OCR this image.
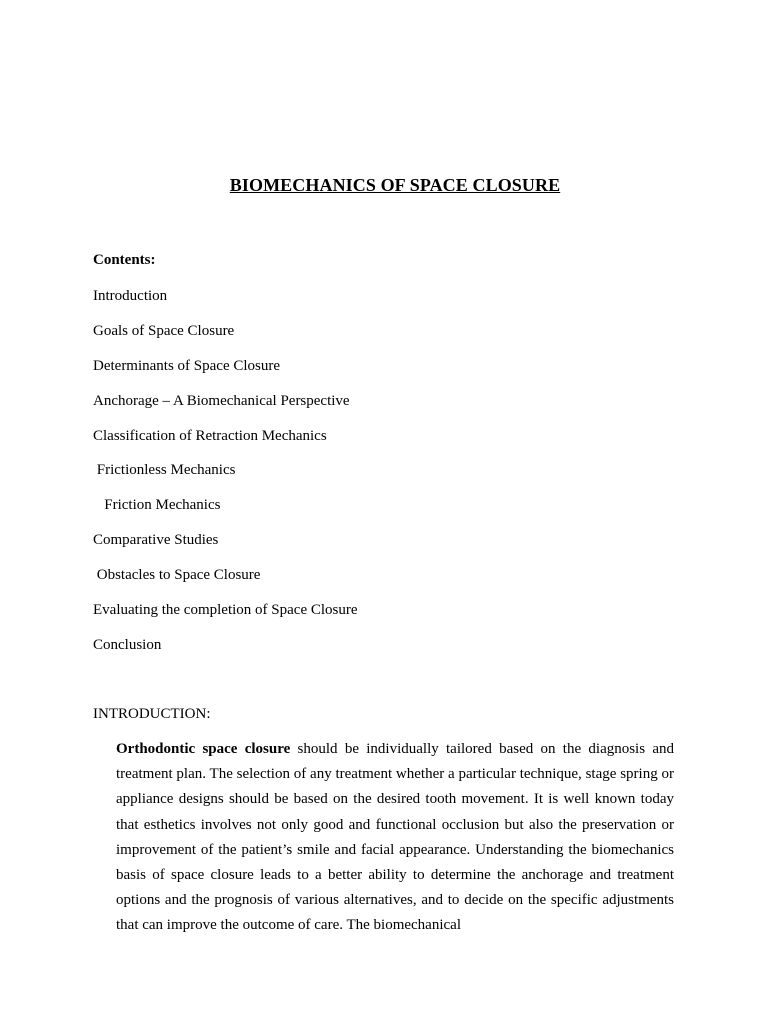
BIOMECHANICS OF SPACE CLOSURE

Contents:

Introduction
Goals of Space Closure
Determinants of Space Closure
Anchorage – A Biomechanical Perspective
Classification of Retraction Mechanics
Frictionless Mechanics
Friction Mechanics
Comparative Studies
Obstacles to Space Closure
Evaluating the completion of Space Closure
Conclusion

INTRODUCTION:

Orthodontic space closure should be individually tailored based on the diagnosis and treatment plan. The selection of any treatment whether a particular technique, stage spring or appliance designs should be based on the desired tooth movement. It is well known today that esthetics involves not only good and functional occlusion but also the preservation or improvement of the patient’s smile and facial appearance. Understanding the biomechanics basis of space closure leads to a better ability to determine the anchorage and treatment options and the prognosis of various alternatives, and to decide on the specific adjustments that can improve the outcome of care. The biomechanical
